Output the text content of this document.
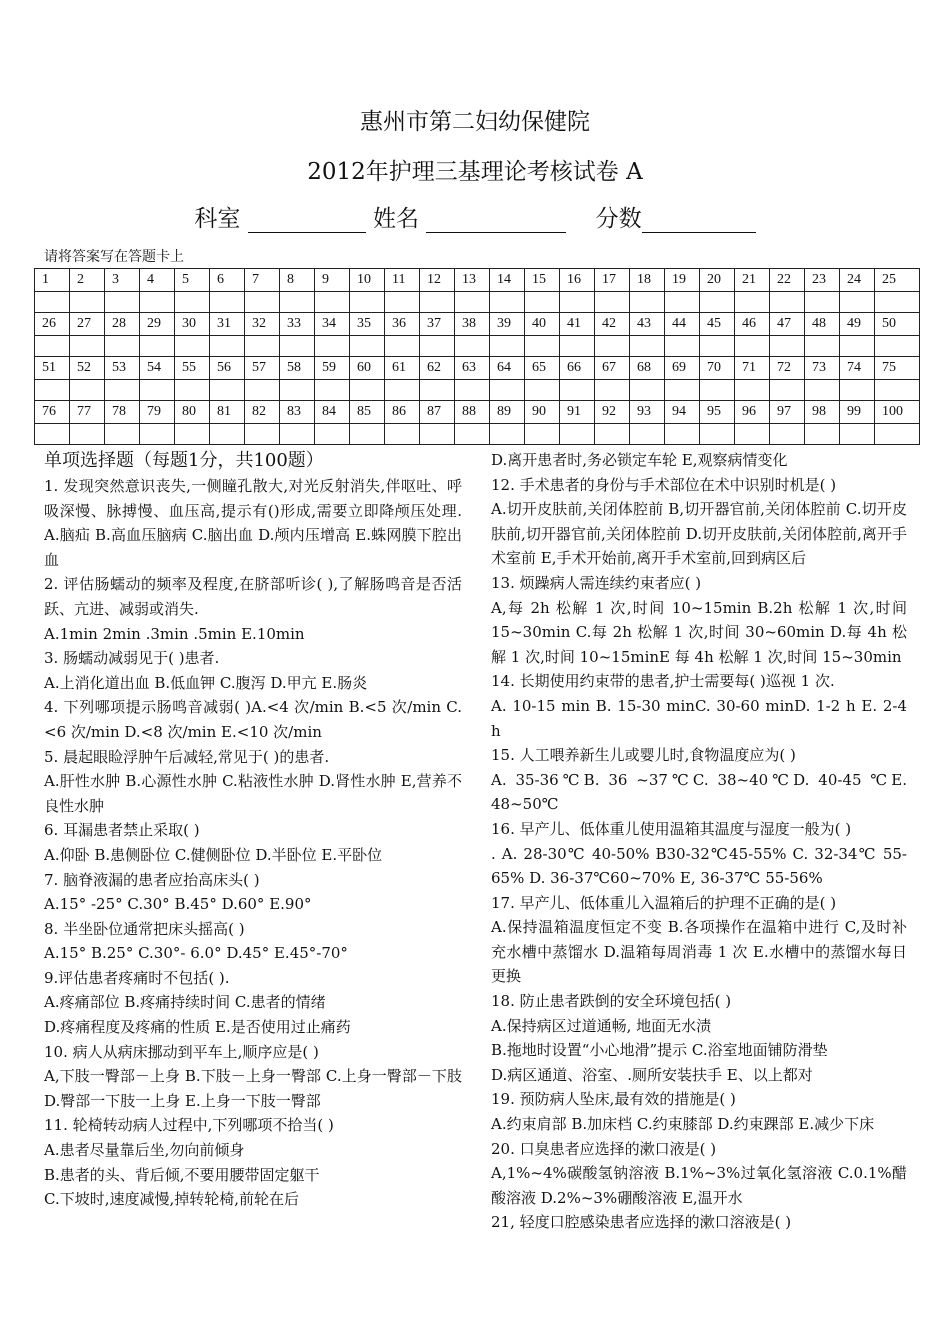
惠州市第二妇幼保健院
2012年护理三基理论考核试卷 A
科室	姓名	分数
请将答案写在答题卡上
1	2	3	4	5	6	7	8	9	10	11	12	13	14	15	16	17	18	19	20	21	22	23	24	25

26	27	28	29	30	31	32	33	34	35	36	37	38	39	40	41	42	43	44	45	46	47	48	49	50

51	52	53	54	55	56	57	58	59	60	61	62	63	64	65	66	67	68	69	70	71	72	73	74	75

76	77	78	79	80	81	82	83	84	85	86	87	88	89	90	91	92	93	94	95	96	97	98	99	100

单项选择题（每题1分，共100题）
1. 发现突然意识丧失,一侧瞳孔散大,对光反射消失,伴呕吐、呼吸深慢、脉搏慢、血压高,提示有()形成,需要立即降颅压处理. A.脑疝 B.高血压脑病 C.脑出血 D.颅内压增高 E.蛛网膜下腔出血
2. 评估肠蠕动的频率及程度,在脐部听诊( ),了解肠鸣音是否活跃、亢进、减弱或消失.
A.1min 2min .3min .5min E.10min
3. 肠蠕动减弱见于( )患者.
A.上消化道出血 B.低血钾 C.腹泻 D.甲亢 E.肠炎
4. 下列哪项提示肠鸣音减弱( )A.<4 次/min B.<5 次/min C.<6 次/min D.<8 次/min E.<10 次/min
5. 晨起眼睑浮肿午后减轻,常见于( )的患者.
A.肝性水肿 B.心源性水肿 C.粘液性水肿 D.肾性水肿 E,营养不良性水肿
6. 耳漏患者禁止采取( )
A.仰卧 B.患侧卧位 C.健侧卧位 D.半卧位 E.平卧位
7. 脑脊液漏的患者应抬高床头( )
A.15° -25° C.30° B.45° D.60° E.90°
8. 半坐卧位通常把床头摇高( )
A.15° B.25° C.30°- 6.0° D.45° E.45°-70°
9.评估患者疼痛时不包括( ).
A.疼痛部位 B.疼痛持续时间 C.患者的情绪
D.疼痛程度及疼痛的性质 E.是否使用过止痛药
10. 病人从病床挪动到平车上,顺序应是( )
A,下肢一臀部－上身 B.下肢－上身一臀部 C.上身一臀部－下肢 D.臀部一下肢一上身 E.上身一下肢一臀部
11. 轮椅转动病人过程中,下列哪项不拾当( )
A.患者尽量靠后坐,勿向前倾身
B.患者的头、背后倾,不要用腰带固定躯干
C.下坡时,速度减慢,掉转轮椅,前轮在后
D.离开患者时,务必锁定车轮 E,观察病情变化
12. 手术患者的身份与手术部位在术中识别时机是( )
A.切开皮肤前,关闭体腔前 B,切开器官前,关闭体腔前 C.切开皮肤前,切开器官前,关闭体腔前 D.切开皮肤前,关闭体腔前,离开手术室前 E,手术开始前,离开手术室前,回到病区后
13. 烦躁病人需连续约束者应( )
A,每 2h 松解 1 次,时间 10~15min B.2h 松解 1 次,时间 15~30min C.每 2h 松解 1 次,时间 30~60min D.每 4h 松解 1 次,时间 10~15minE 每 4h 松解 1 次,时间 15~30min
14. 长期使用约束带的患者,护士需要每( )巡视 1 次.
A. 10-15 min B. 15-30 minC. 30-60 minD. 1-2 h E. 2-4 h
15. 人工喂养新生儿或婴儿时,食物温度应为( )
A. 35-36℃B. 36 ~37℃C. 38~40℃D. 40-45 ℃E. 48~50℃
16. 早产儿、低体重儿使用温箱其温度与湿度一般为( )
. A. 28-30℃ 40-50% B30-32℃45-55% C. 32-34℃ 55-65% D. 36-37℃60~70% E, 36-37℃ 55-56%
17. 早产儿、低体重儿入温箱后的护理不正确的是( )
A.保持温箱温度恒定不变 B.各项操作在温箱中进行 C,及时补充水槽中蒸馏水 D.温箱每周消毒 1 次 E.水槽中的蒸馏水每日更换
18. 防止患者跌倒的安全环境包括( )
A.保持病区过道通畅, 地面无水渍
B.拖地时设置“小心地滑”提示 C.浴室地面铺防滑垫
D.病区通道、浴室、.厕所安装扶手 E、以上都对
19. 预防病人坠床,最有效的措施是( )
A.约束肩部 B.加床档 C.约束膝部 D.约束踝部 E.减少下床
20. 口臭患者应选择的漱口液是( )
A,1%~4%碳酸氢钠溶液 B.1%~3%过氧化氢溶液 C.0.1%醋酸溶液 D.2%~3%硼酸溶液 E,温开水
21, 轻度口腔感染患者应选择的漱口溶液是( )
